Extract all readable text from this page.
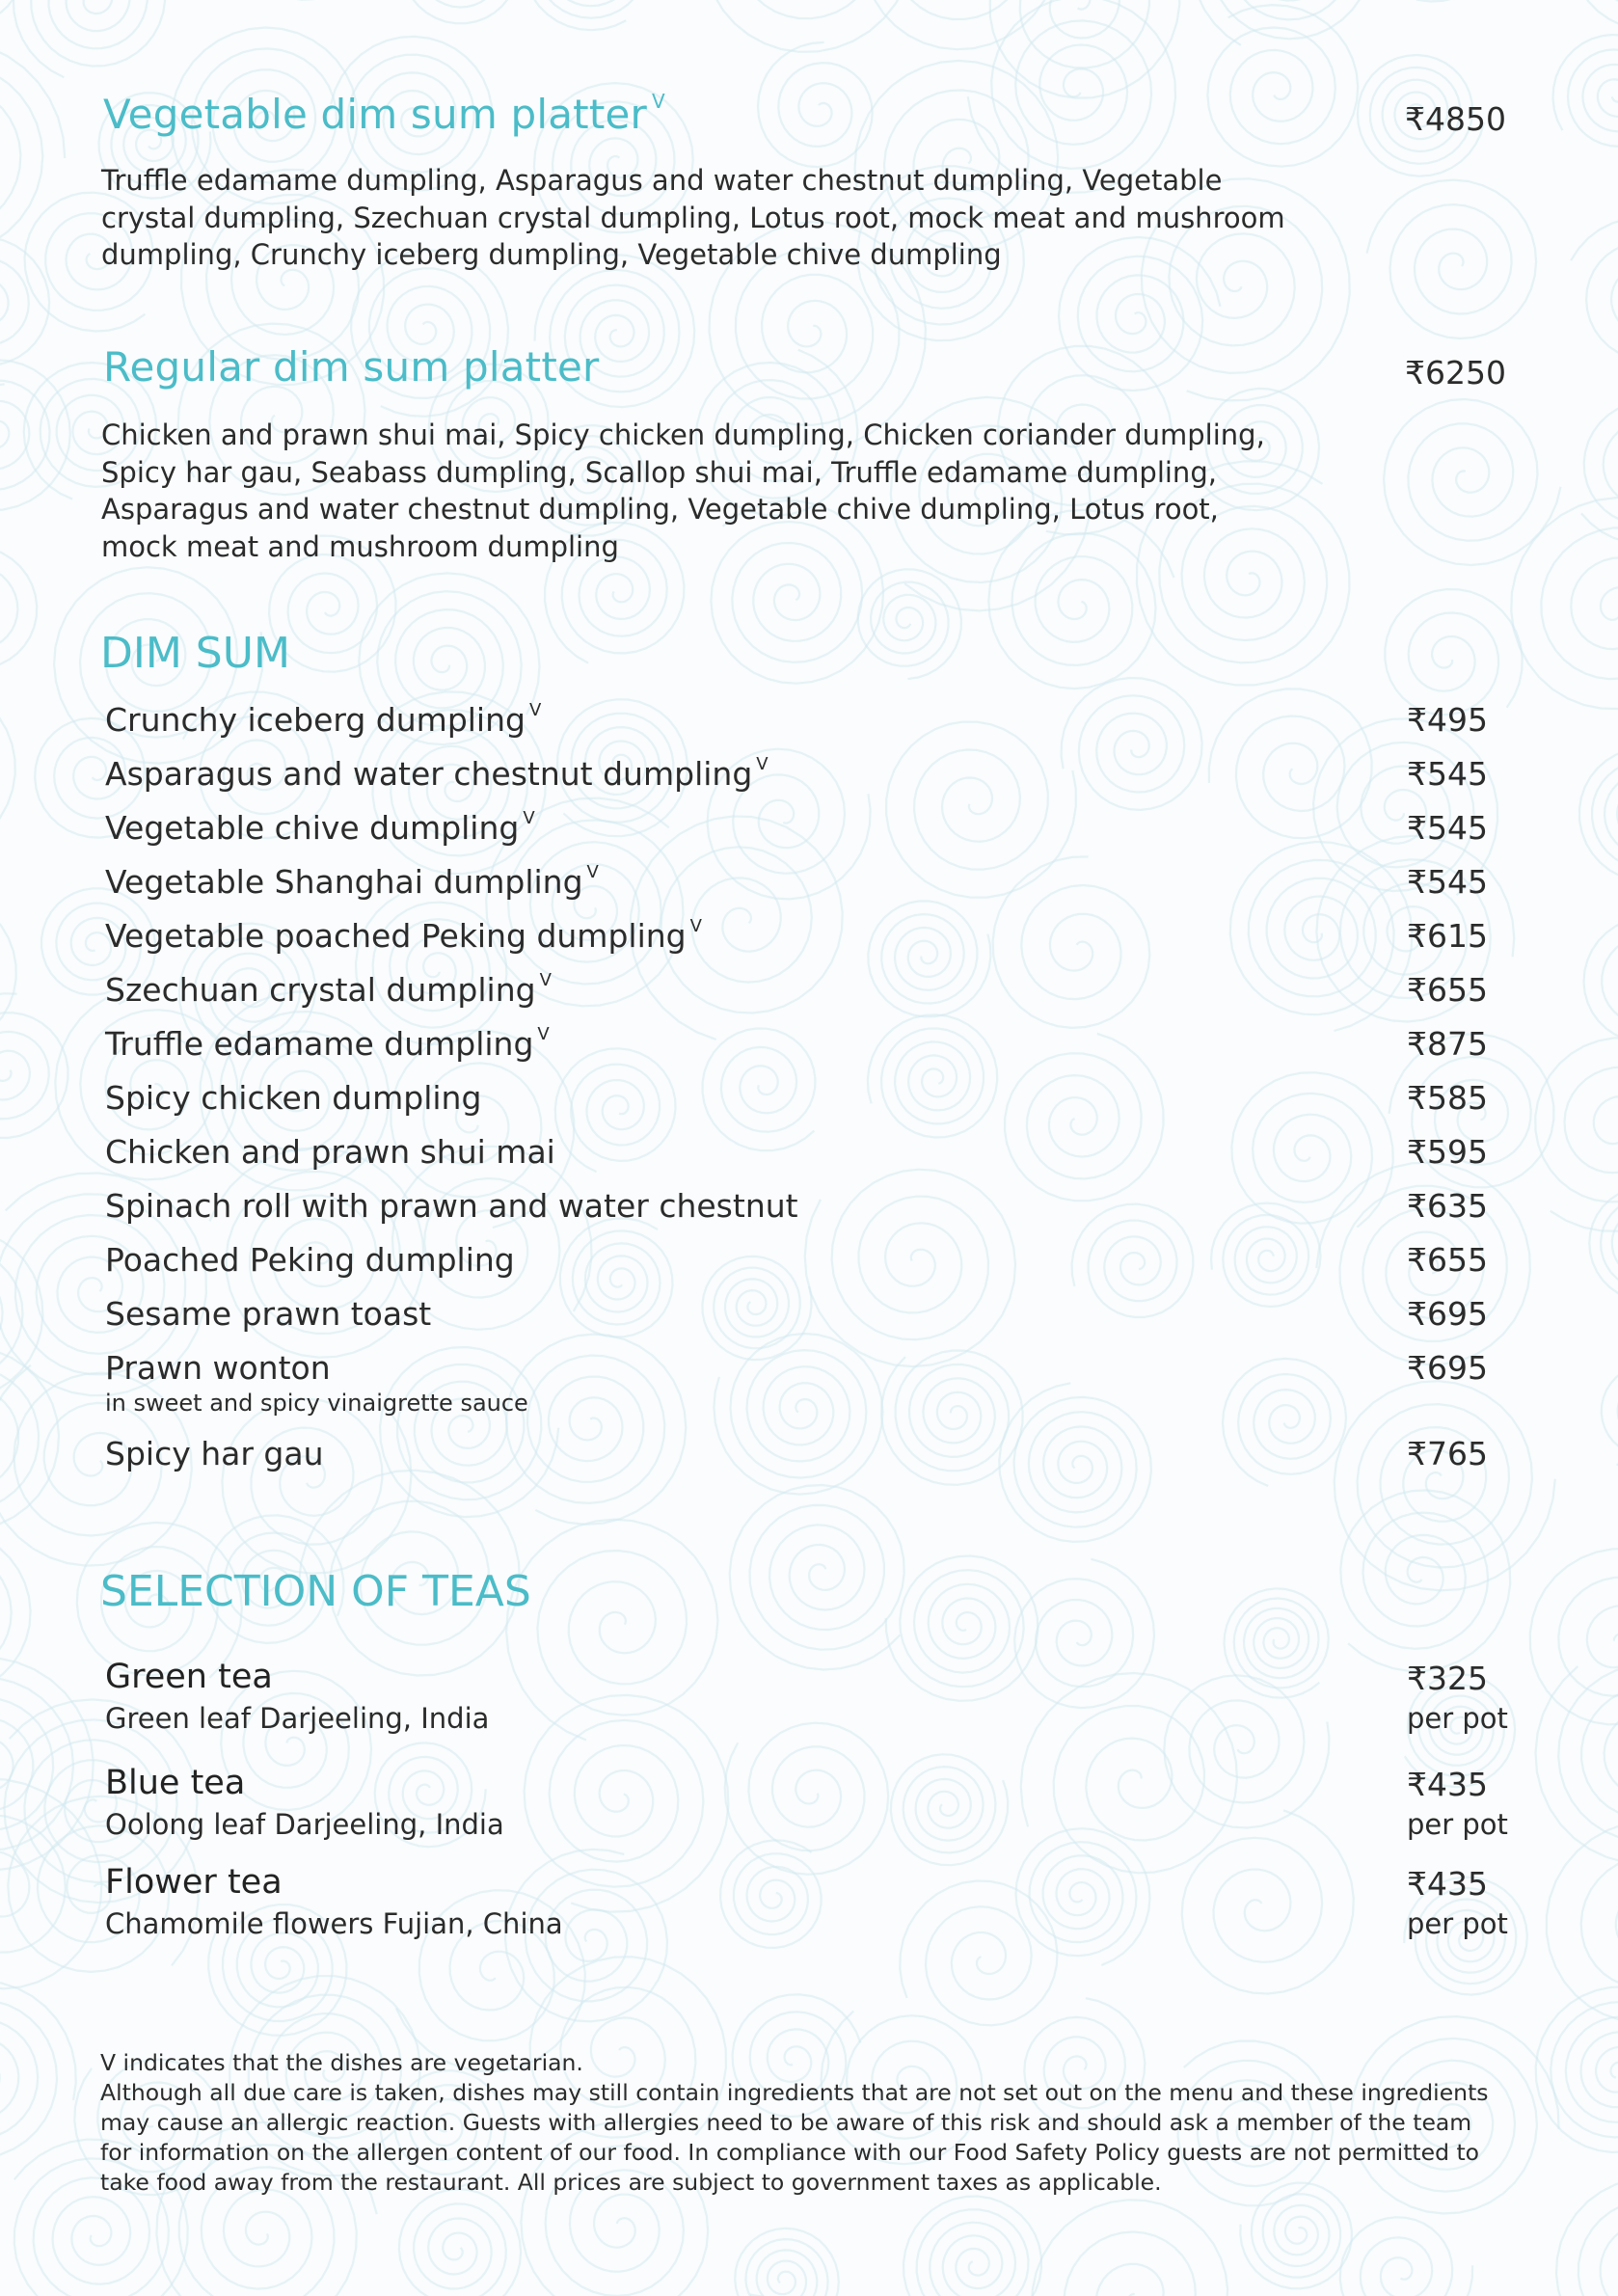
Vegetable dim sum platter $^V$	₹4850
Truffle edamame dumpling, Asparagus and water chestnut dumpling, Vegetable
crystal dumpling, Szechuan crystal dumpling, Lotus root, mock meat and mushroom
dumpling, Crunchy iceberg dumpling, Vegetable chive dumpling
Regular dim sum platter	₹6250
Chicken and prawn shui mai, Spicy chicken dumpling, Chicken coriander dumpling,
Spicy har gau, Seabass dumpling, Scallop shui mai, Truffle edamame dumpling,
Asparagus and water chestnut dumpling, Vegetable chive dumpling, Lotus root,
mock meat and mushroom dumpling
DIM SUM
Crunchy iceberg dumpling $^V$	₹495
Asparagus and water chestnut dumpling $^V$	₹545
Vegetable chive dumpling $^V$	₹545
Vegetable Shanghai dumpling $^V$	₹545
Vegetable poached Peking dumpling $^V$	₹615
Szechuan crystal dumpling $^V$	₹655
Truffle edamame dumpling $^V$	₹875
Spicy chicken dumpling	₹585
Chicken and prawn shui mai	₹595
Spinach roll with prawn and water chestnut	₹635
Poached Peking dumpling	₹655
Sesame prawn toast	₹695
Prawn wonton	₹695
in sweet and spicy vinaigrette sauce
Spicy har gau	₹765
SELECTION OF TEAS
Green tea	₹325
Green leaf Darjeeling, India	per pot
Blue tea	₹435
Oolong leaf Darjeeling, India	per pot
Flower tea	₹435
Chamomile flowers Fujian, China	per pot
V indicates that the dishes are vegetarian.
Although all due care is taken, dishes may still contain ingredients that are not set out on the menu and these ingredients
may cause an allergic reaction. Guests with allergies need to be aware of this risk and should ask a member of the team
for information on the allergen content of our food. In compliance with our Food Safety Policy guests are not permitted to
take food away from the restaurant. All prices are subject to government taxes as applicable.
